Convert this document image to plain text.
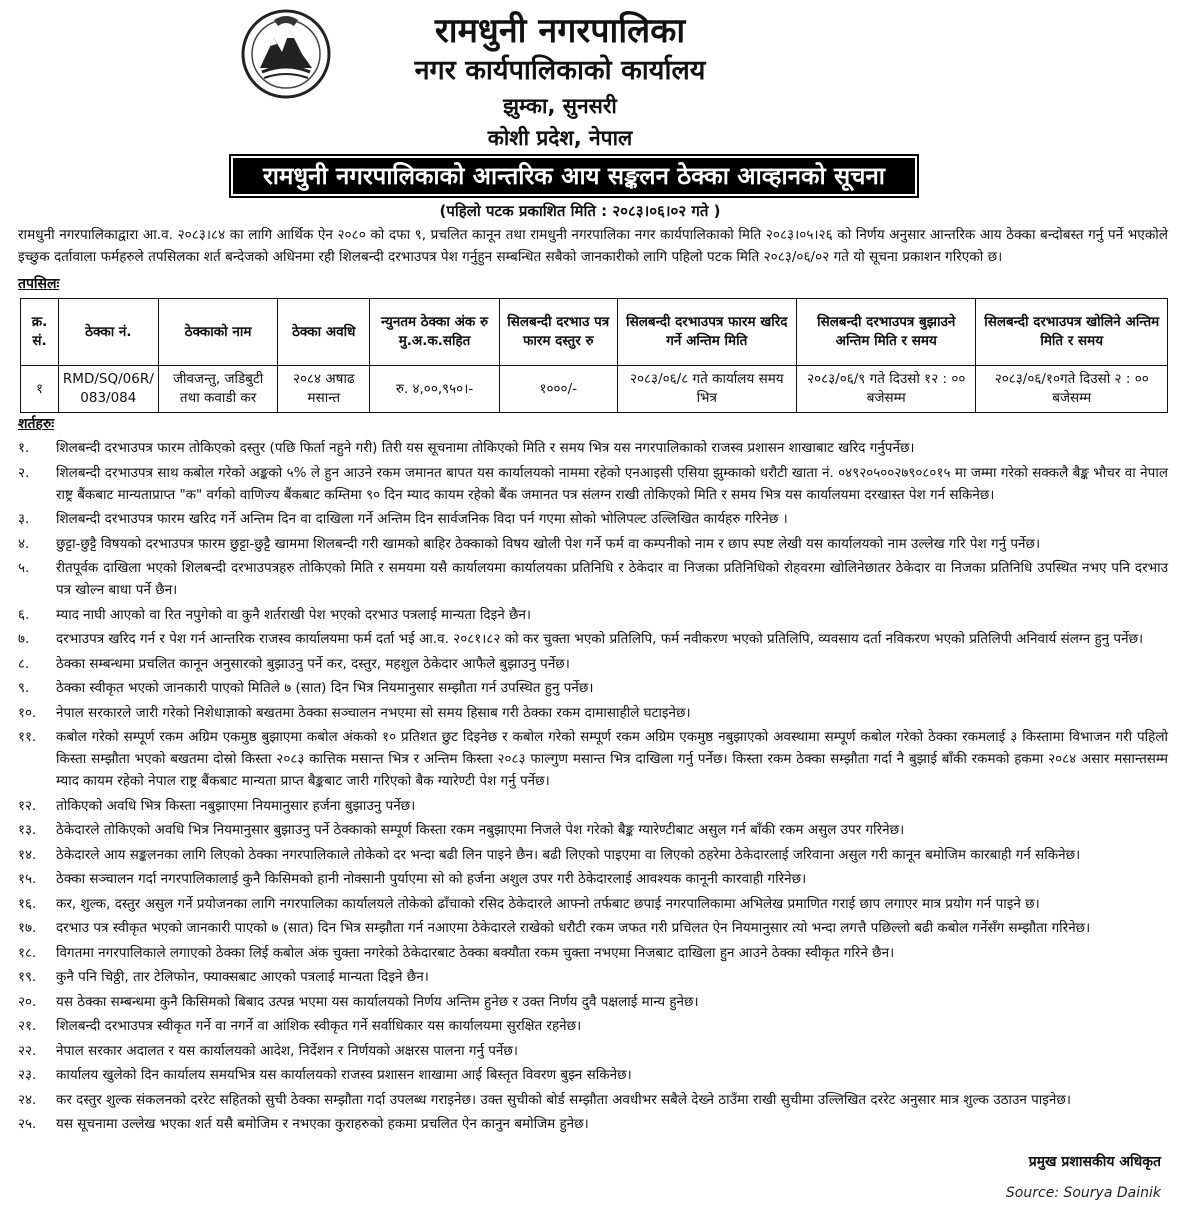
रामधुनी नगरपालिका
नगर कार्यपालिकाको कार्यालय
झुम्का, सुनसरी
कोशी प्रदेश, नेपाल
रामधुनी नगरपालिकाको आन्तरिक आय सङ्कलन ठेक्का आव्हानको सूचना
(पहिलो पटक प्रकाशित मिति : २०८३।०६।०२ गते )
रामधुनी नगरपालिकाद्वारा आ.व. २०८३।८४ का लागि आर्थिक ऐन २०८० को दफा ९, प्रचलित कानून तथा रामधुनी नगरपालिका नगर कार्यपालिकाको मिति २०८३।०५।२६ को निर्णय अनुसार आन्तरिक आय ठेक्का बन्दोबस्त गर्नु पर्ने भएकोले इच्छुक दर्तावाला फर्महरुले तपसिलका शर्त बन्देजको अधिनमा रही शिलबन्दी दरभाउपत्र पेश गर्नुहुन सम्बन्धित सबैको जानकारीको लागि पहिलो पटक मिति २०८३/०६/०२ गते यो सूचना प्रकाशन गरिएको छ।
तपसिलः
क्र. सं.	ठेक्का नं.	ठेक्काको नाम	ठेक्का अवधि	न्युनतम ठेक्का अंक रु मु.अ.क.सहित	सिलबन्दी दरभाउ पत्र फारम दस्तुर रु	सिलबन्दी दरभाउपत्र फारम खरिद गर्ने अन्तिम मिति	सिलबन्दी दरभाउपत्र बुझाउने अन्तिम मिति र समय	सिलबन्दी दरभाउपत्र खोलिने अन्तिम मिति र समय
१	RMD/SQ/06R/ 083/084	जीवजन्तु, जडिबुटी तथा कवाडी कर	२०८४ अषाढ मसान्त	रु. ४,००,९५०।-	१०००/-	२०८३/०६/८ गते कार्यालय समय भित्र	२०८३/०६/९ गते दिउसो १२ : ०० बजेसम्म	२०८३/०६/१०गते दिउसो २ : ०० बजेसम्म
शर्तहरुः
१.	शिलबन्दी दरभाउपत्र फारम तोकिएको दस्तुर (पछि फिर्ता नहुने गरी) तिरी यस सूचनामा तोकिएको मिति र समय भित्र यस नगरपालिकाको राजस्व प्रशासन शाखाबाट खरिद गर्नुपर्नेछ।
२.	शिलबन्दी दरभाउपत्र साथ कबोल गरेको अङ्कको ५% ले हुन आउने रकम जमानत बापत यस कार्यालयको नाममा रहेको एनआइसी एसिया झुम्काको धरौटी खाता नं. ०४९२०५००२७९०८०१५ मा जम्मा गरेको सक्कलै बैङ्क भौचर वा नेपाल राष्ट्र बैंकबाट मान्यताप्राप्त "क" वर्गको वाणिज्य बैंकबाट कम्तिमा ९० दिन म्याद कायम रहेको बैंक जमानत पत्र संलग्न राखी तोकिएको मिति र समय भित्र यस कार्यालयमा दरखास्त पेश गर्न सकिनेछ।
३.	शिलबन्दी दरभाउपत्र फारम खरिद गर्ने अन्तिम दिन वा दाखिला गर्ने अन्तिम दिन सार्वजनिक विदा पर्न गएमा सोको भोलिपल्ट उल्लिखित कार्यहरु गरिनेछ ।
४.	छुट्टा-छुट्टै विषयको दरभाउपत्र फारम छुट्टा-छुट्टै खाममा शिलबन्दी गरी खामको बाहिर ठेक्काको विषय खोली पेश गर्ने फर्म वा कम्पनीको नाम र छाप स्पष्ट लेखी यस कार्यालयको नाम उल्लेख गरि पेश गर्नु पर्नेछ।
५.	रीतपूर्वक दाखिला भएको शिलबन्दी दरभाउपत्रहरु तोकिएको मिति र समयमा यसै कार्यालयमा कार्यालयका प्रतिनिधि र ठेकेदार वा निजका प्रतिनिधिको रोहवरमा खोलिनेछातर ठेकेदार वा निजका प्रतिनिधि उपस्थित नभए पनि दरभाउ पत्र खोल्न बाधा पर्ने छैन।
६.	म्याद नाघी आएको वा रित नपुगेको वा कुनै शर्तराखी पेश भएको दरभाउ पत्रलाई मान्यता दिइने छैन।
७.	दरभाउपत्र खरिद गर्न र पेश गर्न आन्तरिक राजस्व कार्यालयमा फर्म दर्ता भई आ.व. २०८१।८२ को कर चुक्ता भएको प्रतिलिपि, फर्म नवीकरण भएको प्रतिलिपि, व्यवसाय दर्ता नविकरण भएको प्रतिलिपी अनिवार्य संलग्न हुनु पर्नेछ।
८.	ठेक्का सम्बन्धमा प्रचलित कानून अनुसारको बुझाउनु पर्ने कर, दस्तुर, महशुल ठेकेदार आफैले बुझाउनु पर्नेछ।
९.	ठेक्का स्वीकृत भएको जानकारी पाएको मितिले ७ (सात) दिन भित्र नियमानुसार सम्झौता गर्न उपस्थित हुनु पर्नेछ।
१०.	नेपाल सरकारले जारी गरेको निशेधाज्ञाको बखतमा ठेक्का सञ्चालन नभएमा सो समय हिसाब गरी ठेक्का रकम दामासाहीले घटाइनेछ।
११.	कबोल गरेको सम्पूर्ण रकम अग्रिम एकमुष्ठ बुझाएमा कबोल अंकको १० प्रतिशत छुट दिइनेछ र कबोल गरेको सम्पूर्ण रकम अग्रिम एकमुष्ठ नबुझाएको अवस्थामा सम्पूर्ण कबोल गरेको ठेक्का रकमलाई ३ किस्तामा विभाजन गरी पहिलो किस्ता सम्झौता भएको बखतमा दोस्रो किस्ता २०८३ कात्तिक मसान्त भित्र र अन्तिम किस्ता २०८३ फाल्गुण मसान्त भित्र दाखिला गर्नु पर्नेछ। किस्ता रकम ठेक्का सम्झौता गर्दा नै बुझाई बाँकी रकमको हकमा २०८४ असार मसान्तसम्म म्याद कायम रहेको नेपाल राष्ट्र बैंकबाट मान्यता प्राप्त बैङ्कबाट जारी गरिएको बैक ग्यारेण्टी पेश गर्नु पर्नेछ।
१२.	तोकिएको अवधि भित्र किस्ता नबुझाएमा नियमानुसार हर्जना बुझाउनु पर्नेछ।
१३.	ठेकेदारले तोकिएको अवधि भित्र नियमानुसार बुझाउनु पर्ने ठेक्काको सम्पूर्ण किस्ता रकम नबुझाएमा निजले पेश गरेको बैङ्क ग्यारेण्टीबाट असुल गर्न बाँकी रकम असुल उपर गरिनेछ।
१४.	ठेकेदारले आय सङ्कलनका लागि लिएको ठेक्का नगरपालिकाले तोकेको दर भन्दा बढी लिन पाइने छैन। बढी लिएको पाइएमा वा लिएको ठहरेमा ठेकेदारलाई जरिवाना असुल गरी कानून बमोजिम कारबाही गर्न सकिनेछ।
१५.	ठेक्का सञ्चालन गर्दा नगरपालिकालाई कुनै किसिमको हानी नोक्सानी पुर्याएमा सो को हर्जना अशुल उपर गरी ठेकेदारलाई आवश्यक कानूनी कारवाही गरिनेछ।
१६.	कर, शुल्क, दस्तुर असुल गर्ने प्रयोजनका लागि नगरपालिका कार्यालयले तोकेको ढाँचाको रसिद ठेकेदारले आफ्नो तर्फबाट छपाई नगरपालिकामा अभिलेख प्रमाणित गराई छाप लगाएर मात्र प्रयोग गर्न पाइने छ।
१७.	दरभाउ पत्र स्वीकृत भएको जानकारी पाएको ७ (सात) दिन भित्र सम्झौता गर्न नआएमा ठेकेदारले राखेको धरौटी रकम जफत गरी प्रचिलत ऐन नियमानुसार त्यो भन्दा लगत्तै पछिल्लो बढी कबोल गर्नेसँग सम्झौता गरिनेछ।
१८.	विगतमा नगरपालिकाले लगाएको ठेक्का लिई कबोल अंक चुक्ता नगरेको ठेकेदारबाट ठेक्का बक्यौता रकम चुक्ता नभएमा निजबाट दाखिला हुन आउने ठेक्का स्वीकृत गरिने छैन।
१९.	कुनै पनि चिठ्ठी, तार टेलिफोन, फ्याक्सबाट आएको पत्रलाई मान्यता दिइने छैन।
२०.	यस ठेक्का सम्बन्धमा कुनै किसिमको बिबाद उत्पन्न भएमा यस कार्यालयको निर्णय अन्तिम हुनेछ र उक्त निर्णय दुवै पक्षलाई मान्य हुनेछ।
२१.	शिलबन्दी दरभाउपत्र स्वीकृत गर्ने वा नगर्ने वा आंशिक स्वीकृत गर्ने सर्वाधिकार यस कार्यालयमा सुरक्षित रहनेछ।
२२.	नेपाल सरकार अदालत र यस कार्यालयको आदेश, निर्देशन र निर्णयको अक्षरस पालना गर्नु पर्नेछ।
२३.	कार्यालय खुलेको दिन कार्यालय समयभित्र यस कार्यालयको राजस्व प्रशासन शाखामा आई बिस्तृत विवरण बुझ्न सकिनेछ।
२४.	कर दस्तुर शुल्क संकलनको दररेट सहितको सुची ठेक्का सम्झौता गर्दा उपलब्ध गराइनेछ। उक्त सुचीको बोर्ड सम्झौता अवधीभर सबैले देख्ने ठाउँमा राखी सुचीमा उल्लिखित दररेट अनुसार मात्र शुल्क उठाउन पाइनेछ।
२५.	यस सूचनामा उल्लेख भएका शर्त यसै बमोजिम र नभएका कुराहरुको हकमा प्रचलित ऐन कानुन बमोजिम हुनेछ।
प्रमुख प्रशासकीय अधिकृत
Source: Sourya Dainik
